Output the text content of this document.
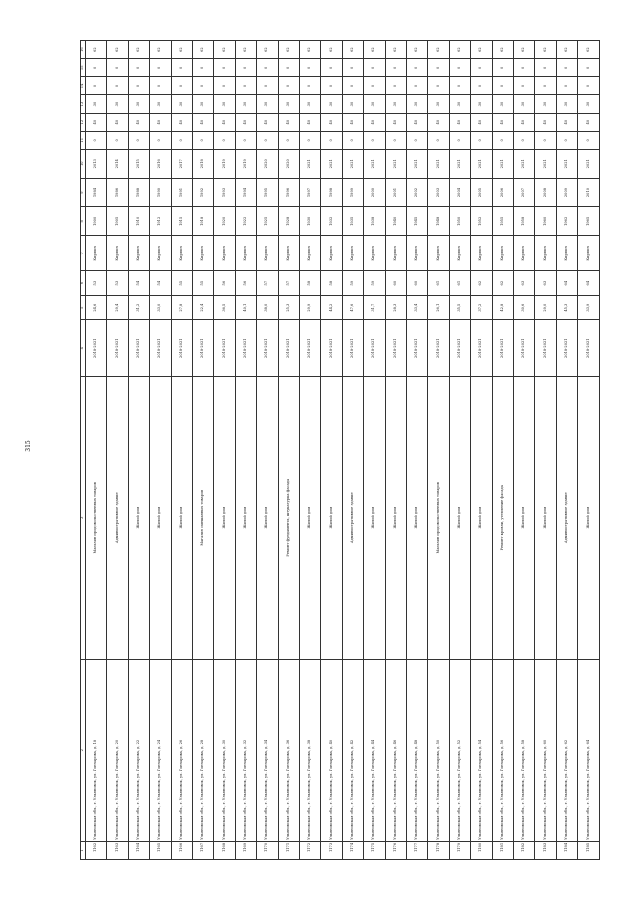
315
1	2	3	4	5	6	7	8	9	10	11	12	13	14	15	16
1162	Ульяновская обл., г. Ульяновск, ул. Гончарова, д. 18	Магазин продовольственных товаров	2018-2021	24,6	53	Кирпич	1900	1984	2013	0	40	30	0	0	62
1163	Ульяновская обл., г. Ульяновск, ул. Гончарова, д. 20	Административное здание	2018-2021	29,4	53	Кирпич	1905	1986	2014	0	40	30	0	0	62
1164	Ульяновская обл., г. Ульяновск, ул. Гончарова, д. 22	Жилой дом	2018-2021	31,2	54	Кирпич	1910	1988	2015	0	40	30	0	0	62
1165	Ульяновская обл., г. Ульяновск, ул. Гончарова, д. 24	Жилой дом	2018-2021	33,0	54	Кирпич	1912	1990	2016	0	40	30	0	0	62
1166	Ульяновская обл., г. Ульяновск, ул. Гончарова, д. 26	Жилой дом	2018-2021	27,8	55	Кирпич	1915	1991	2017	0	40	30	0	0	62
1167	Ульяновская обл., г. Ульяновск, ул. Гончарова, д. 28	Магазин смешанных товаров	2018-2021	22,4	55	Кирпич	1918	1992	2018	0	40	30	0	0	62
1168	Ульяновская обл., г. Ульяновск, ул. Гончарова, д. 30	Жилой дом	2018-2021	36,5	56	Кирпич	1920	1993	2019	0	40	30	0	0	62
1169	Ульяновская обл., г. Ульяновск, ул. Гончарова, д. 32	Жилой дом	2018-2021	40,1	56	Кирпич	1922	1994	2019	0	40	30	0	0	62
1170	Ульяновская обл., г. Ульяновск, ул. Гончарова, д. 34	Жилой дом	2018-2021	38,0	57	Кирпич	1925	1995	2020	0	40	30	0	0	62
1171	Ульяновская обл., г. Ульяновск, ул. Гончарова, д. 36	Ремонт фундамента, штукатурка фасада	2018-2021	25,3	57	Кирпич	1928	1996	2020	0	40	30	0	0	62
1172	Ульяновская обл., г. Ульяновск, ул. Гончарова, д. 38	Жилой дом	2018-2021	29,9	58	Кирпич	1930	1997	2021	0	40	30	0	0	62
1173	Ульяновская обл., г. Ульяновск, ул. Гончарова, д. 40	Жилой дом	2018-2021	44,2	58	Кирпич	1932	1998	2021	0	40	30	0	0	62
1174	Ульяновская обл., г. Ульяновск, ул. Гончарова, д. 42	Административное здание	2018-2021	47,6	59	Кирпич	1935	1999	2021	0	40	30	0	0	62
1175	Ульяновская обл., г. Ульяновск, ул. Гончарова, д. 44	Жилой дом	2018-2021	31,7	59	Кирпич	1938	2000	2021	0	40	30	0	0	62
1176	Ульяновская обл., г. Ульяновск, ул. Гончарова, д. 46	Жилой дом	2018-2021	28,3	60	Кирпич	1940	2001	2021	0	40	30	0	0	62
1177	Ульяновская обл., г. Ульяновск, ул. Гончарова, д. 48	Жилой дом	2018-2021	33,4	60	Кирпич	1945	2002	2021	0	40	30	0	0	62
1178	Ульяновская обл., г. Ульяновск, ул. Гончарова, д. 50	Магазин продовольственных товаров	2018-2021	26,1	61	Кирпич	1948	2003	2021	0	40	30	0	0	62
1179	Ульяновская обл., г. Ульяновск, ул. Гончарова, д. 52	Жилой дом	2018-2021	35,5	61	Кирпич	1950	2004	2021	0	40	30	0	0	62
1180	Ульяновская обл., г. Ульяновск, ул. Гончарова, д. 54	Жилой дом	2018-2021	37,2	62	Кирпич	1952	2005	2021	0	40	30	0	0	62
1181	Ульяновская обл., г. Ульяновск, ул. Гончарова, д. 56	Ремонт кровли, утепление фасада	2018-2021	42,8	62	Кирпич	1955	2006	2021	0	40	30	0	0	62
1182	Ульяновская обл., г. Ульяновск, ул. Гончарова, д. 58	Жилой дом	2018-2021	30,6	63	Кирпич	1958	2007	2021	0	40	30	0	0	62
1183	Ульяновская обл., г. Ульяновск, ул. Гончарова, д. 60	Жилой дом	2018-2021	29,0	63	Кирпич	1960	2008	2021	0	40	30	0	0	62
1184	Ульяновская обл., г. Ульяновск, ул. Гончарова, д. 62	Административное здание	2018-2021	45,3	64	Кирпич	1962	2009	2021	0	40	30	0	0	62
1185	Ульяновская обл., г. Ульяновск, ул. Гончарова, д. 64	Жилой дом	2018-2021	33,9	64	Кирпич	1965	2010	2021	0	40	30	0	0	62
